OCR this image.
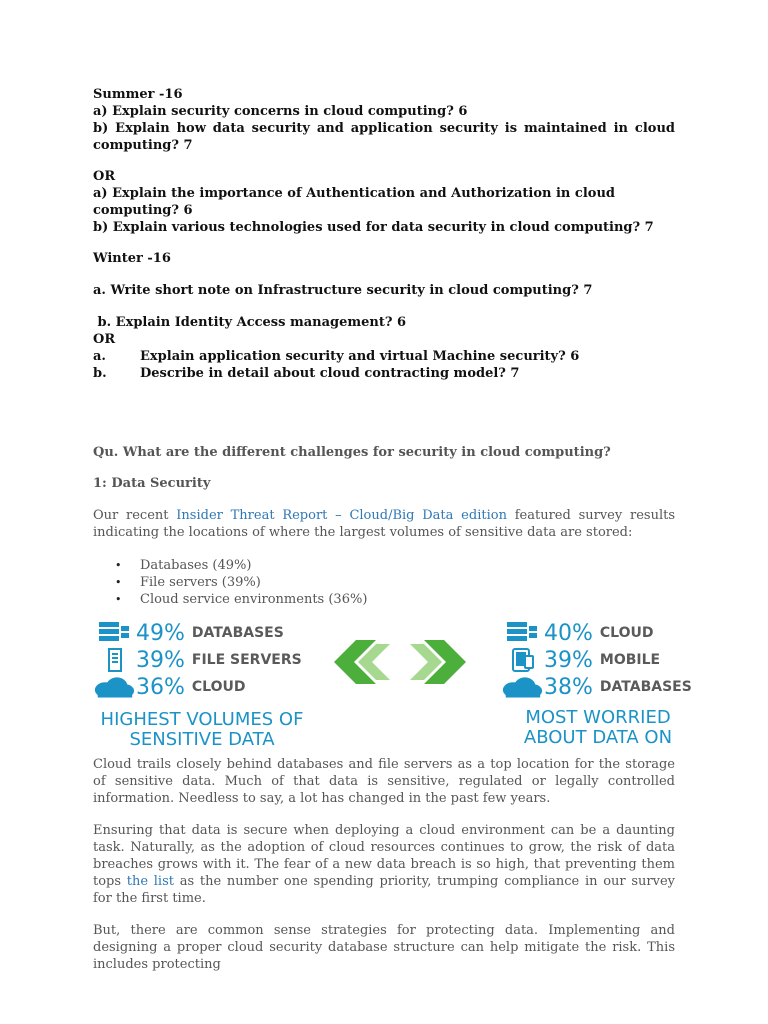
Summer -16

a) Explain security concerns in cloud computing? 6

b) Explain how data security and application security is maintained in cloud computing? 7

OR

a) Explain the importance of Authentication and Authorization in cloud computing? 6

b) Explain various technologies used for data security in cloud computing? 7

Winter -16

a. Write short note on Infrastructure security in cloud computing? 7

b. Explain Identity Access management? 6

OR

a.	Explain application security and virtual Machine security? 6
b.	Describe in detail about cloud contracting model? 7

Qu. What are the different challenges for security in cloud computing?

1: Data Security

Our recent Insider Threat Report – Cloud/Big Data edition featured survey results indicating the locations of where the largest volumes of sensitive data are stored:

• Databases (49%)
• File servers (39%)
• Cloud service environments (36%)
49% DATABASES
39% FILE SERVERS
36% CLOUD
HIGHEST VOLUMES OF
SENSITIVE DATA
40% CLOUD
39% MOBILE
38% DATABASES
MOST WORRIED
ABOUT DATA ON

Cloud trails closely behind databases and file servers as a top location for the storage of sensitive data. Much of that data is sensitive, regulated or legally controlled information. Needless to say, a lot has changed in the past few years.

Ensuring that data is secure when deploying a cloud environment can be a daunting task. Naturally, as the adoption of cloud resources continues to grow, the risk of data breaches grows with it. The fear of a new data breach is so high, that preventing them tops the list as the number one spending priority, trumping compliance in our survey for the first time.

But, there are common sense strategies for protecting data. Implementing and designing a proper cloud security database structure can help mitigate the risk. This includes protecting
